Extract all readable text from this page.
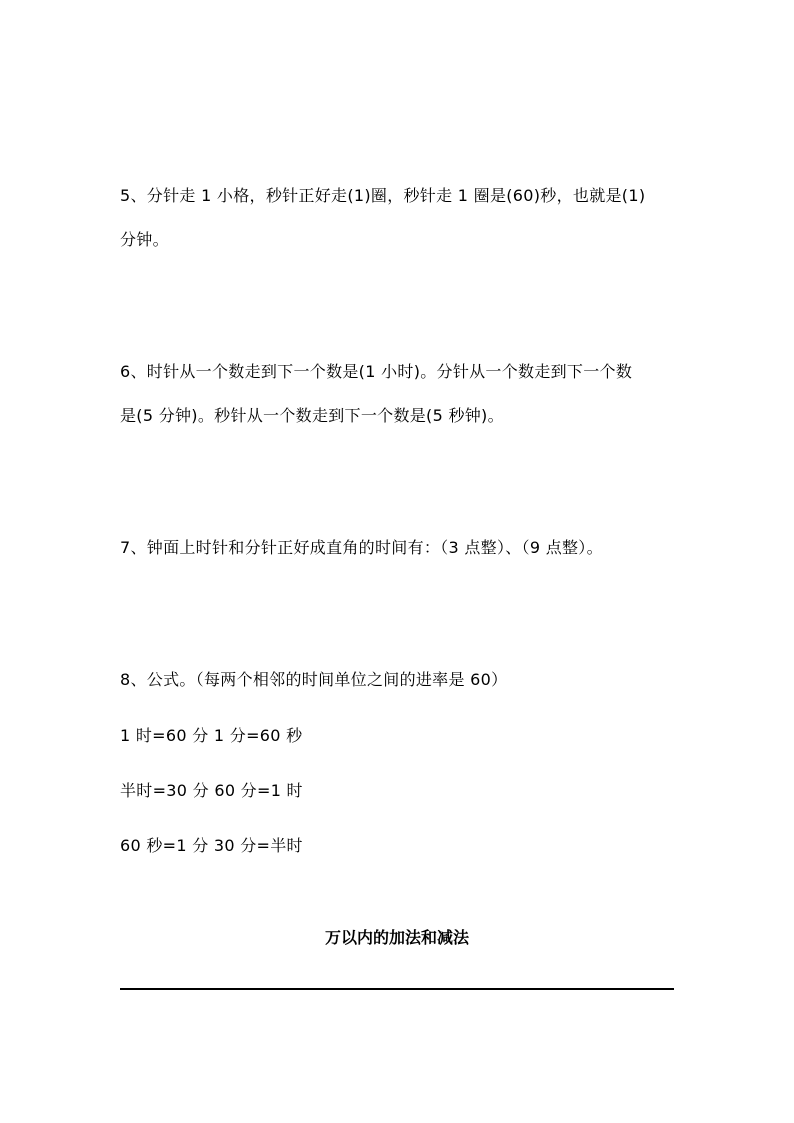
5、分针走 1 小格，秒针正好走(1)圈，秒针走 1 圈是(60)秒，也就是(1)
分钟。
6、时针从一个数走到下一个数是(1 小时)。分针从一个数走到下一个数
是(5 分钟)。秒针从一个数走到下一个数是(5 秒钟)。
7、钟面上时针和分针正好成直角的时间有：（3 点整）、（9 点整）。
8、公式。（每两个相邻的时间单位之间的进率是 60）
1 时=60 分 1 分=60 秒
半时=30 分 60 分=1 时
60 秒=1 分 30 分=半时
万以内的加法和减法
